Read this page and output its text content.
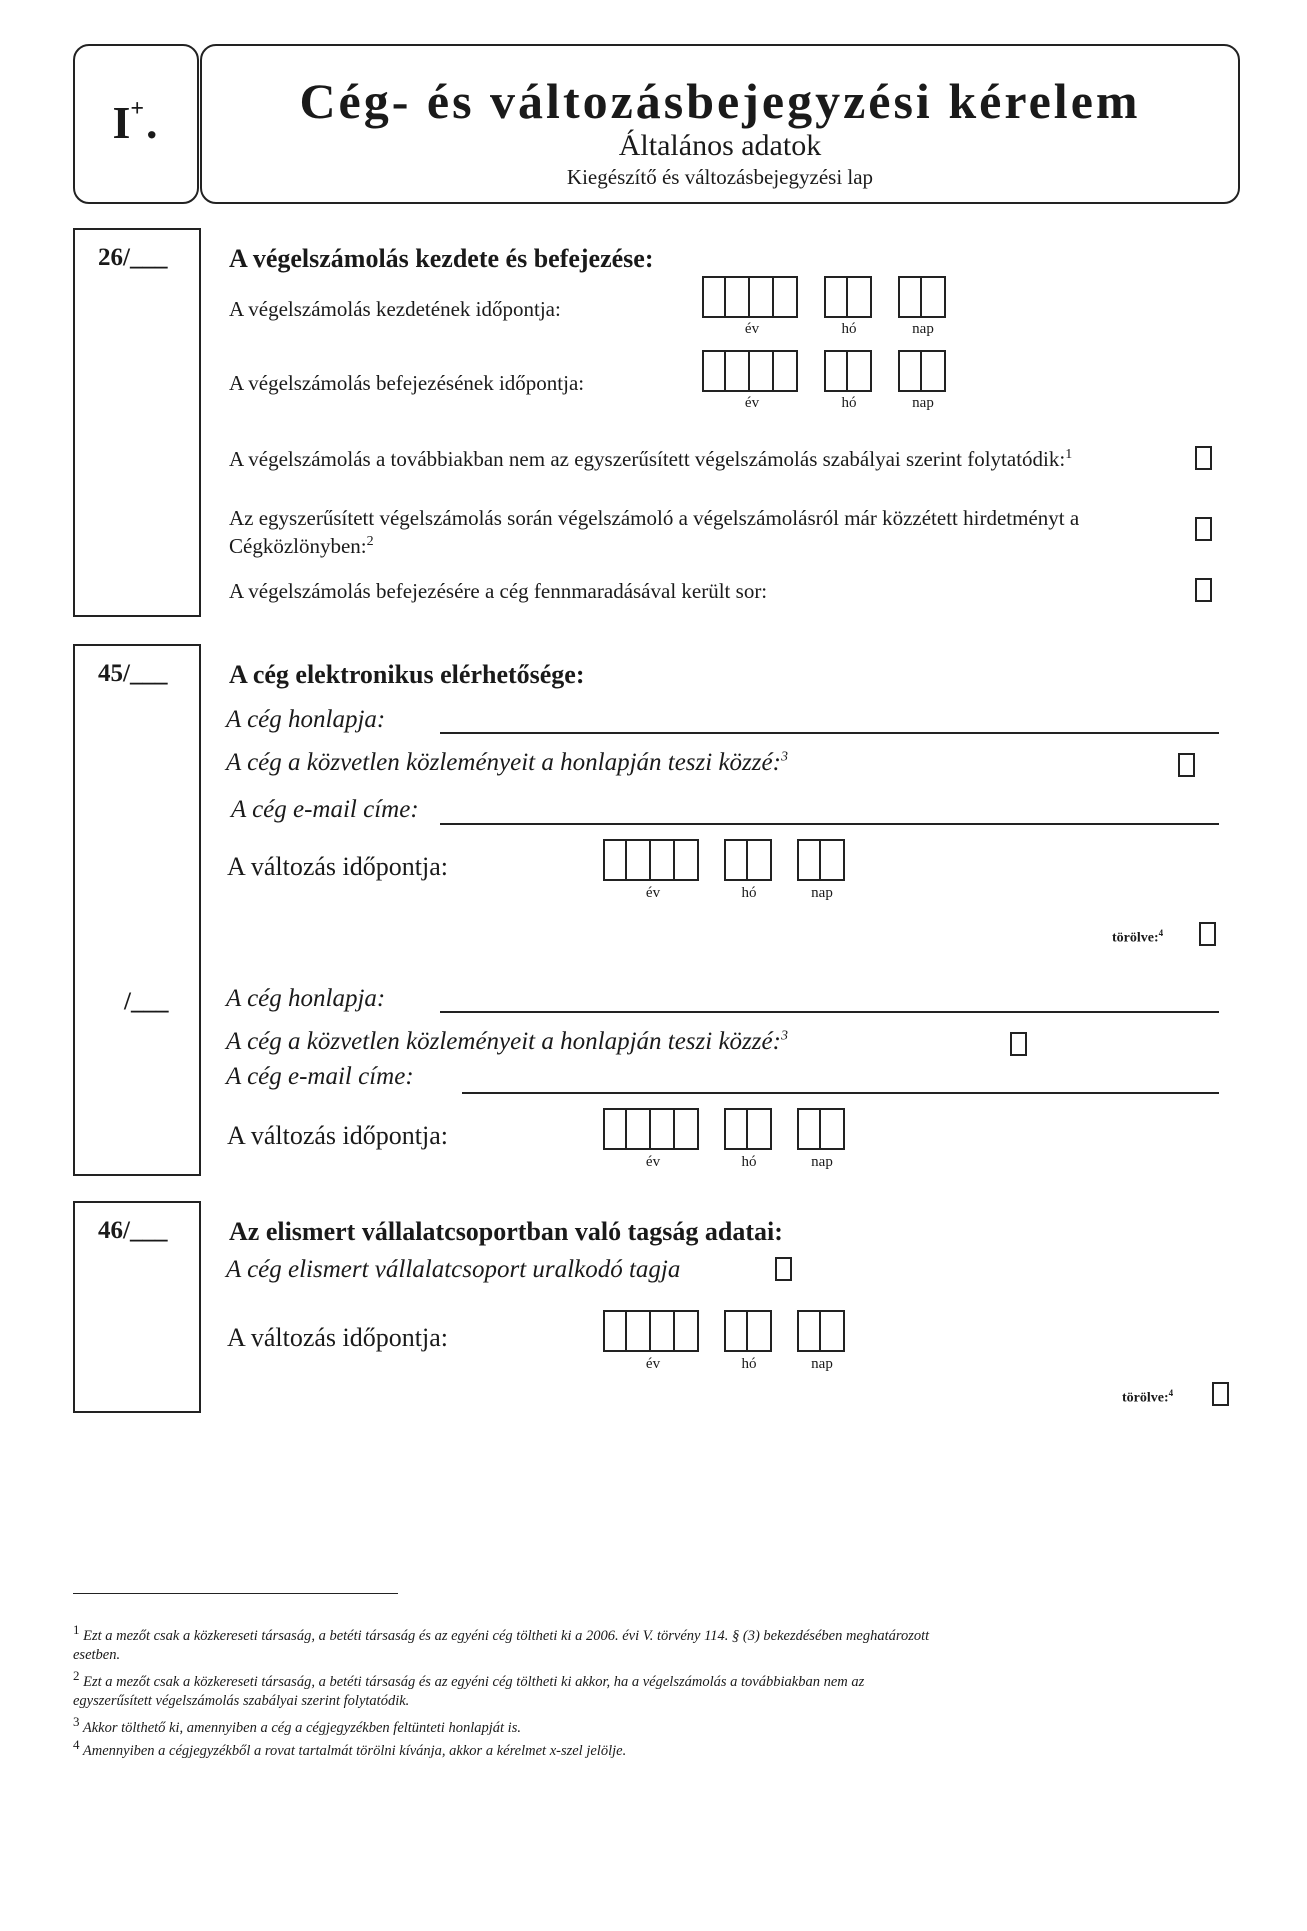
I+.	Cég- és változásbejegyzési kérelem
Általános adatok
Kiegészítő és változásbejegyzési lap
26/___ A végelszámolás kezdete és befejezése:
A végelszámolás kezdetének időpontja:
év	hó	nap
A végelszámolás befejezésének időpontja:
év	hó	nap
A végelszámolás a továbbiakban nem az egyszerűsített végelszámolás szabályai szerint folytatódik:$^1$
Az egyszerűsített végelszámolás során végelszámoló a végelszámolásról már közzétett hirdetményt a
Cégközlönyben:$^2$
A végelszámolás befejezésére a cég fennmaradásával került sor:
45/___ A cég elektronikus elérhetősége:
A cég honlapja:
A cég a közvetlen közleményeit a honlapján teszi közzé:$^3$
A cég e-mail címe:
A változás időpontja:
év	hó	nap
törölve:$^4$
/___ A cég honlapja:
A cég a közvetlen közleményeit a honlapján teszi közzé:$^3$
A cég e-mail címe:
A változás időpontja:
év	hó	nap
46/___ Az elismert vállalatcsoportban való tagság adatai:
A cég elismert vállalatcsoport uralkodó tagja
A változás időpontja:
év	hó	nap
törölve:$^4$
$^1$ Ezt a mezőt csak a közkereseti társaság, a betéti társaság és az egyéni cég töltheti ki a 2006. évi V. törvény 114. § (3) bekezdésében meghatározott
esetben.
$^2$ Ezt a mezőt csak a közkereseti társaság, a betéti társaság és az egyéni cég töltheti ki akkor, ha a végelszámolás a továbbiakban nem az
egyszerűsített végelszámolás szabályai szerint folytatódik.
$^3$ Akkor tölthető ki, amennyiben a cég a cégjegyzékben feltünteti honlapját is.
$^4$ Amennyiben a cégjegyzékből a rovat tartalmát törölni kívánja, akkor a kérelmet x-szel jelölje.
